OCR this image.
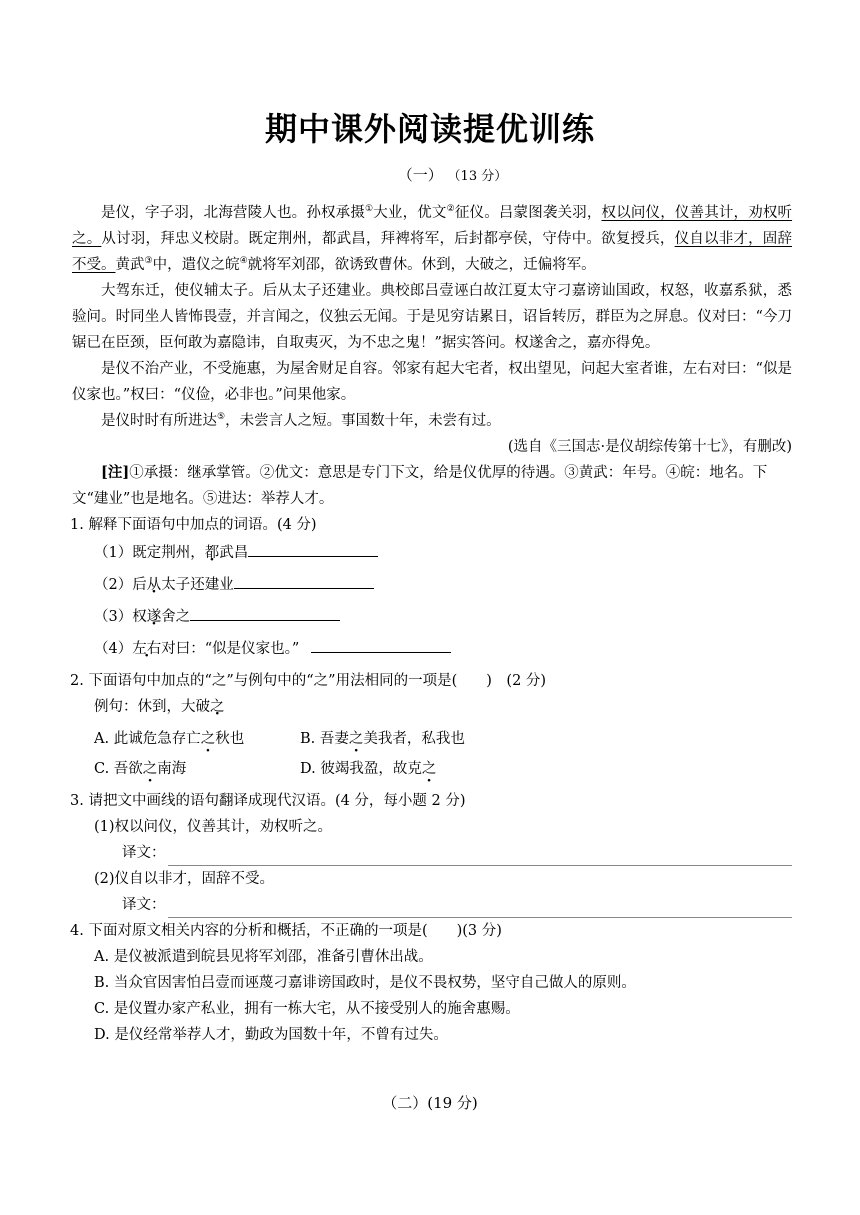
期中课外阅读提优训练
（一） （13 分）

是仪，字子羽，北海营陵人也。孙权承摄①大业，优文②征仪。吕蒙图袭关羽，权以问仪，仪善其计，劝权听之。从讨羽，拜忠义校尉。既定荆州，都武昌，拜裨将军，后封都亭侯，守侍中。欲复授兵，仪自以非才，固辞不受。黄武③中，遣仪之皖④就将军刘邵，欲诱致曹休。休到，大破之，迁偏将军。

大驾东迁，使仪辅太子。后从太子还建业。典校郎吕壹诬白故江夏太守刁嘉谤讪国政，权怒，收嘉系狱，悉验问。时同坐人皆怖畏壹，并言闻之，仪独云无闻。于是见穷诘累日，诏旨转厉，群臣为之屏息。仪对曰：“今刀锯已在臣颈，臣何敢为嘉隐讳，自取夷灭，为不忠之鬼！”据实答问。权遂舍之，嘉亦得免。

是仪不治产业，不受施惠，为屋舍财足自容。邻家有起大宅者，权出望见，问起大室者谁，左右对曰：“似是仪家也。”权曰：“仪俭，必非也。”问果他家。

是仪时时有所进达⑤，未尝言人之短。事国数十年，未尝有过。

(选自《三国志·是仪胡综传第十七》，有删改)

[注]①承摄：继承掌管。②优文：意思是专门下文，给是仪优厚的待遇。③黄武：年号。④皖：地名。下文“建业”也是地名。⑤进达：举荐人才。

1. 解释下面语句中加点的词语。(4 分)

（1）既定荆州，都武昌

（2）后从太子还建业

（3）权遂舍之

（4）左右对曰：“似是仪家也。”

2. 下面语句中加点的“之”与例句中的“之”用法相同的一项是(　　)　(2 分)

例句：休到，大破之

A. 此诚危急存亡之秋也	B. 吾妻之美我者，私我也
C. 吾欲之南海	D. 彼竭我盈，故克之

3. 请把文中画线的语句翻译成现代汉语。(4 分，每小题 2 分)

(1)权以问仪，仪善其计，劝权听之。

译文：

(2)仪自以非才，固辞不受。

译文：

4. 下面对原文相关内容的分析和概括，不正确的一项是(　　)(3 分)

A. 是仪被派遣到皖县见将军刘邵，准备引曹休出战。

B. 当众官因害怕吕壹而诬蔑刁嘉诽谤国政时，是仪不畏权势，坚守自己做人的原则。

C. 是仪置办家产私业，拥有一栋大宅，从不接受别人的施舍惠赐。

D. 是仪经常举荐人才，勤政为国数十年，不曾有过失。

（二）(19 分)
